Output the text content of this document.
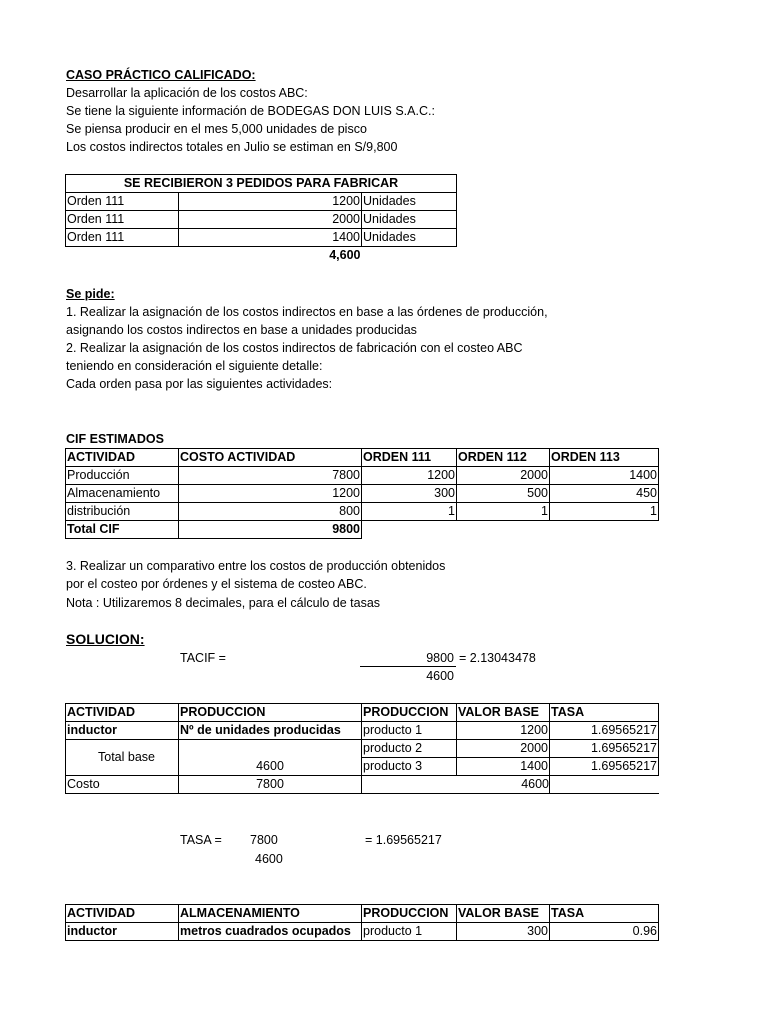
CASO PRÁCTICO CALIFICADO:
Desarrollar la aplicación de los costos ABC:
Se tiene la siguiente información de BODEGAS DON LUIS S.A.C.:
Se piensa producir en el mes 5,000 unidades de pisco
Los costos indirectos totales en Julio se estiman en S/9,800
SE RECIBIERON 3 PEDIDOS PARA FABRICAR		
Orden 111	1200	Unidades
Orden 111	2000	Unidades
Orden 111	1400	Unidades
	4,600	
Se pide:
1. Realizar la asignación de los costos indirectos en base a las órdenes de producción,
asignando los costos indirectos en base a unidades producidas
2. Realizar la asignación de los costos indirectos de fabricación con el costeo ABC
teniendo en consideración el siguiente detalle:
Cada orden pasa por las siguientes actividades:
CIF ESTIMADOS
ACTIVIDAD	COSTO ACTIVIDAD	ORDEN 111	ORDEN 112	ORDEN 113
Producción	7800	1200	2000	1400
Almacenamiento	1200	300	500	450
distribución	800	1	1	1
Total CIF	9800			
3. Realizar un comparativo entre los costos de producción obtenidos
por el costeo por órdenes y el sistema de costeo ABC.
Nota : Utilizaremos 8 decimales, para el cálculo de tasas
SOLUCION:
TACIF =	9800 = 2.13043478
4600
ACTIVIDAD	PRODUCCION	PRODUCCION	VALOR BASE	TASA
inductor	Nº de unidades producidas	producto 1	1200	1.69565217
Total base	4600	producto 2	2000	1.69565217
		producto 3	1400	1.69565217
Costo	7800	4600		
TASA = 7800	= 1.69565217
4600
ACTIVIDAD	ALMACENAMIENTO	PRODUCCION	VALOR BASE	TASA
inductor	metros cuadrados ocupados	producto 1	300	0.96
